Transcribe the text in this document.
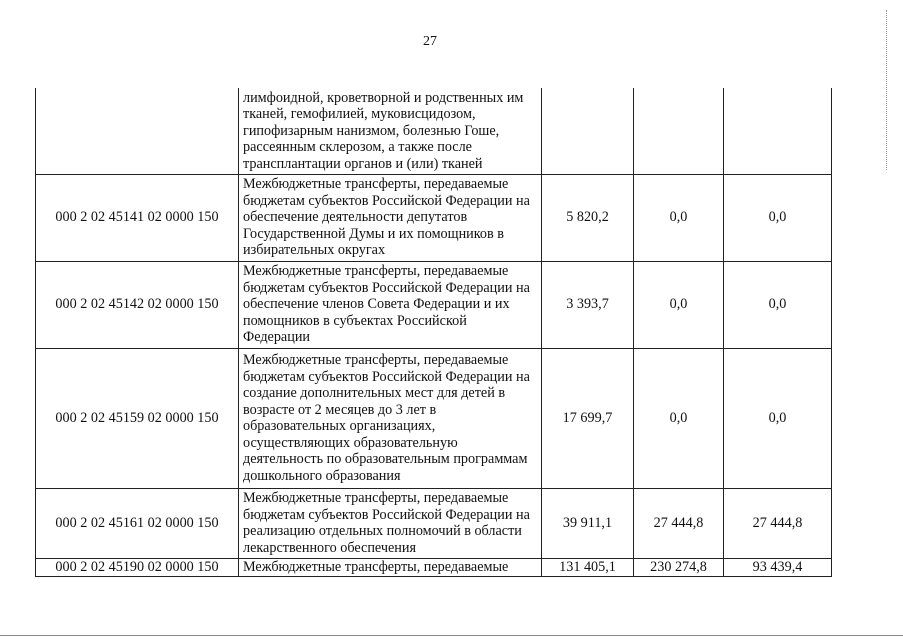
27
	лимфоидной, кроветворной и родственных им тканей, гемофилией, муковисцидозом, гипофизарным нанизмом, болезнью Гоше, рассеянным склерозом, а также после трансплантации органов и (или) тканей			
000 2 02 45141 02 0000 150	Межбюджетные трансферты, передаваемые бюджетам субъектов Российской Федерации на обеспечение деятельности депутатов Государственной Думы и их помощников в избирательных округах	5 820,2	0,0	0,0
000 2 02 45142 02 0000 150	Межбюджетные трансферты, передаваемые бюджетам субъектов Российской Федерации на обеспечение членов Совета Федерации и их помощников в субъектах Российской Федерации	3 393,7	0,0	0,0
000 2 02 45159 02 0000 150	Межбюджетные трансферты, передаваемые бюджетам субъектов Российской Федерации на создание дополнительных мест для детей в возрасте от 2 месяцев до 3 лет в образовательных организациях, осуществляющих образовательную деятельность по образовательным программам дошкольного образования	17 699,7	0,0	0,0
000 2 02 45161 02 0000 150	Межбюджетные трансферты, передаваемые бюджетам субъектов Российской Федерации на реализацию отдельных полномочий в области лекарственного обеспечения	39 911,1	27 444,8	27 444,8
000 2 02 45190 02 0000 150	Межбюджетные трансферты, передаваемые	131 405,1	230 274,8	93 439,4
